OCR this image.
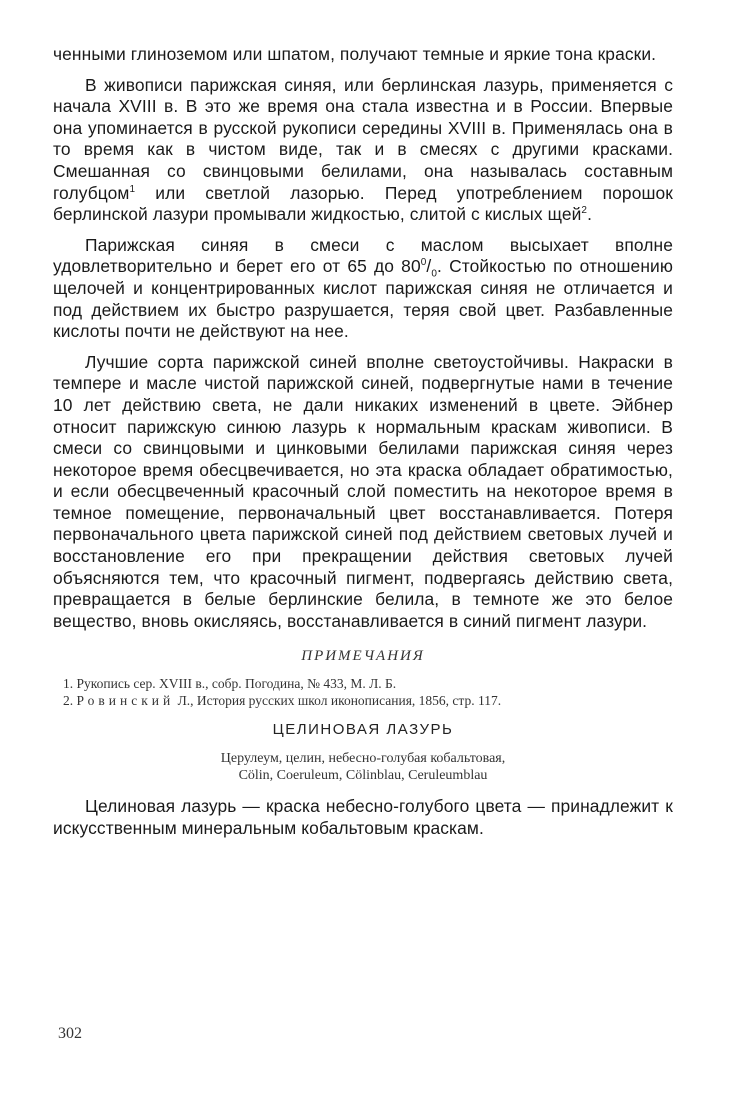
ченными глиноземом или шпатом, получают темные и яркие тона краски.

В живописи парижская синяя, или берлинская лазурь, применяется с начала XVIII в. В это же время она стала известна и в России. Впервые она упоминается в русской рукописи середины XVIII в. Применялась она в то время как в чистом виде, так и в смесях с другими красками. Смешанная со свинцовыми белилами, она называлась составным голубцом$^1$ или светлой лазорью. Перед употреблением порошок берлинской лазури промывали жидкостью, слитой с кислых щей$^2$.

Парижская синяя в смеси с маслом высыхает вполне удовлетворительно и берет его от 65 до $80^0/_0$. Стойкостью по отношению щелочей и концентрированных кислот парижская синяя не отличается и под действием их быстро разрушается, теряя свой цвет. Разбавленные кислоты почти не действуют на нее.

Лучшие сорта парижской синей вполне светоустойчивы. Накраски в темпере и масле чистой парижской синей, подвергнутые нами в течение 10 лет действию света, не дали никаких изменений в цвете. Эйбнер относит парижскую синюю лазурь к нормальным краскам живописи. В смеси со свинцовыми и цинковыми белилами парижская синяя через некоторое время обесцвечивается, но эта краска обладает обратимостью, и если обесцвеченный красочный слой поместить на некоторое время в темное помещение, первоначальный цвет восстанавливается. Потеря первоначального цвета парижской синей под действием световых лучей и восстановление его при прекращении действия световых лучей объясняются тем, что красочный пигмент, подвергаясь действию света, превращается в белые берлинские белила, в темноте же это белое вещество, вновь окисляясь, восстанавливается в синий пигмент лазури.

ПРИМЕЧАНИЯ

1. Рукопись сер. XVIII в., собр. Погодина, № 433, М. Л. Б.

2. Ровинский Л., История русских школ иконописания, 1856, стр. 117.

ЦЕЛИНОВАЯ ЛАЗУРЬ
Церулеум, целин, небесно-голубая кобальтовая,
Cölin, Coeruleum, Cölinblau, Ceruleumblau

Целиновая лазурь — краска небесно-голубого цвета — принадлежит к искусственным минеральным кобальтовым краскам.

302
